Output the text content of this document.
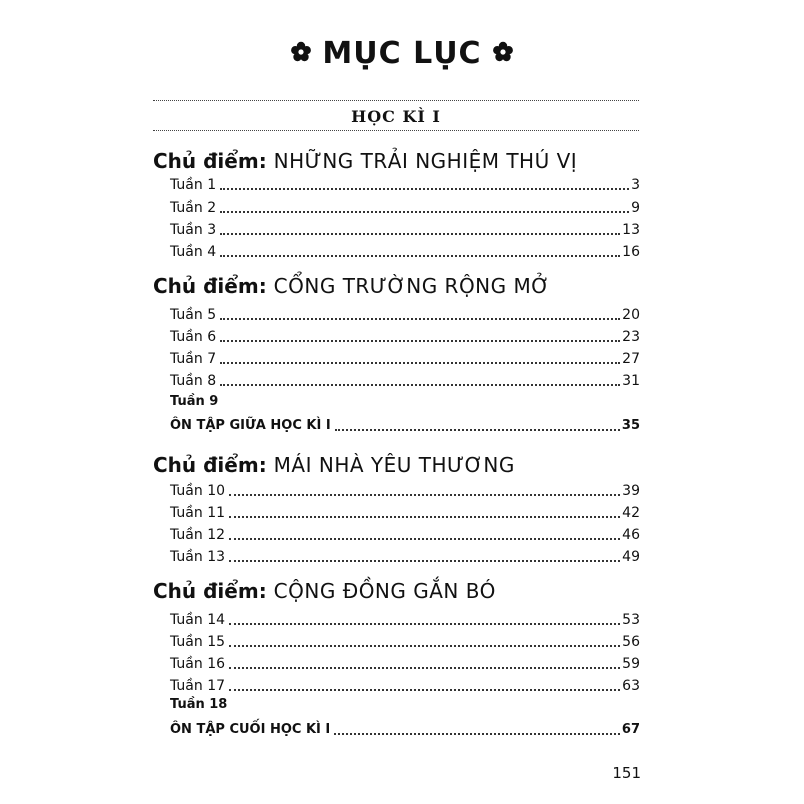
MỤC LỤC
HỌC KÌ I
Chủ điểm: NHỮNG TRẢI NGHIỆM THÚ VỊ
Tuần 1	3
Tuần 2	9
Tuần 3	13
Tuần 4	16
Chủ điểm: CỔNG TRƯỜNG RỘNG MỞ
Tuần 5	20
Tuần 6	23
Tuần 7	27
Tuần 8	31
Tuần 9
ÔN TẬP GIỮA HỌC KÌ I	35
Chủ điểm: MÁI NHÀ YÊU THƯƠNG
Tuần 10	39
Tuần 11	42
Tuần 12	46
Tuần 13	49
Chủ điểm: CỘNG ĐỒNG GẮN BÓ
Tuần 14	53
Tuần 15	56
Tuần 16	59
Tuần 17	63
Tuần 18
ÔN TẬP CUỐI HỌC KÌ I	67
151
